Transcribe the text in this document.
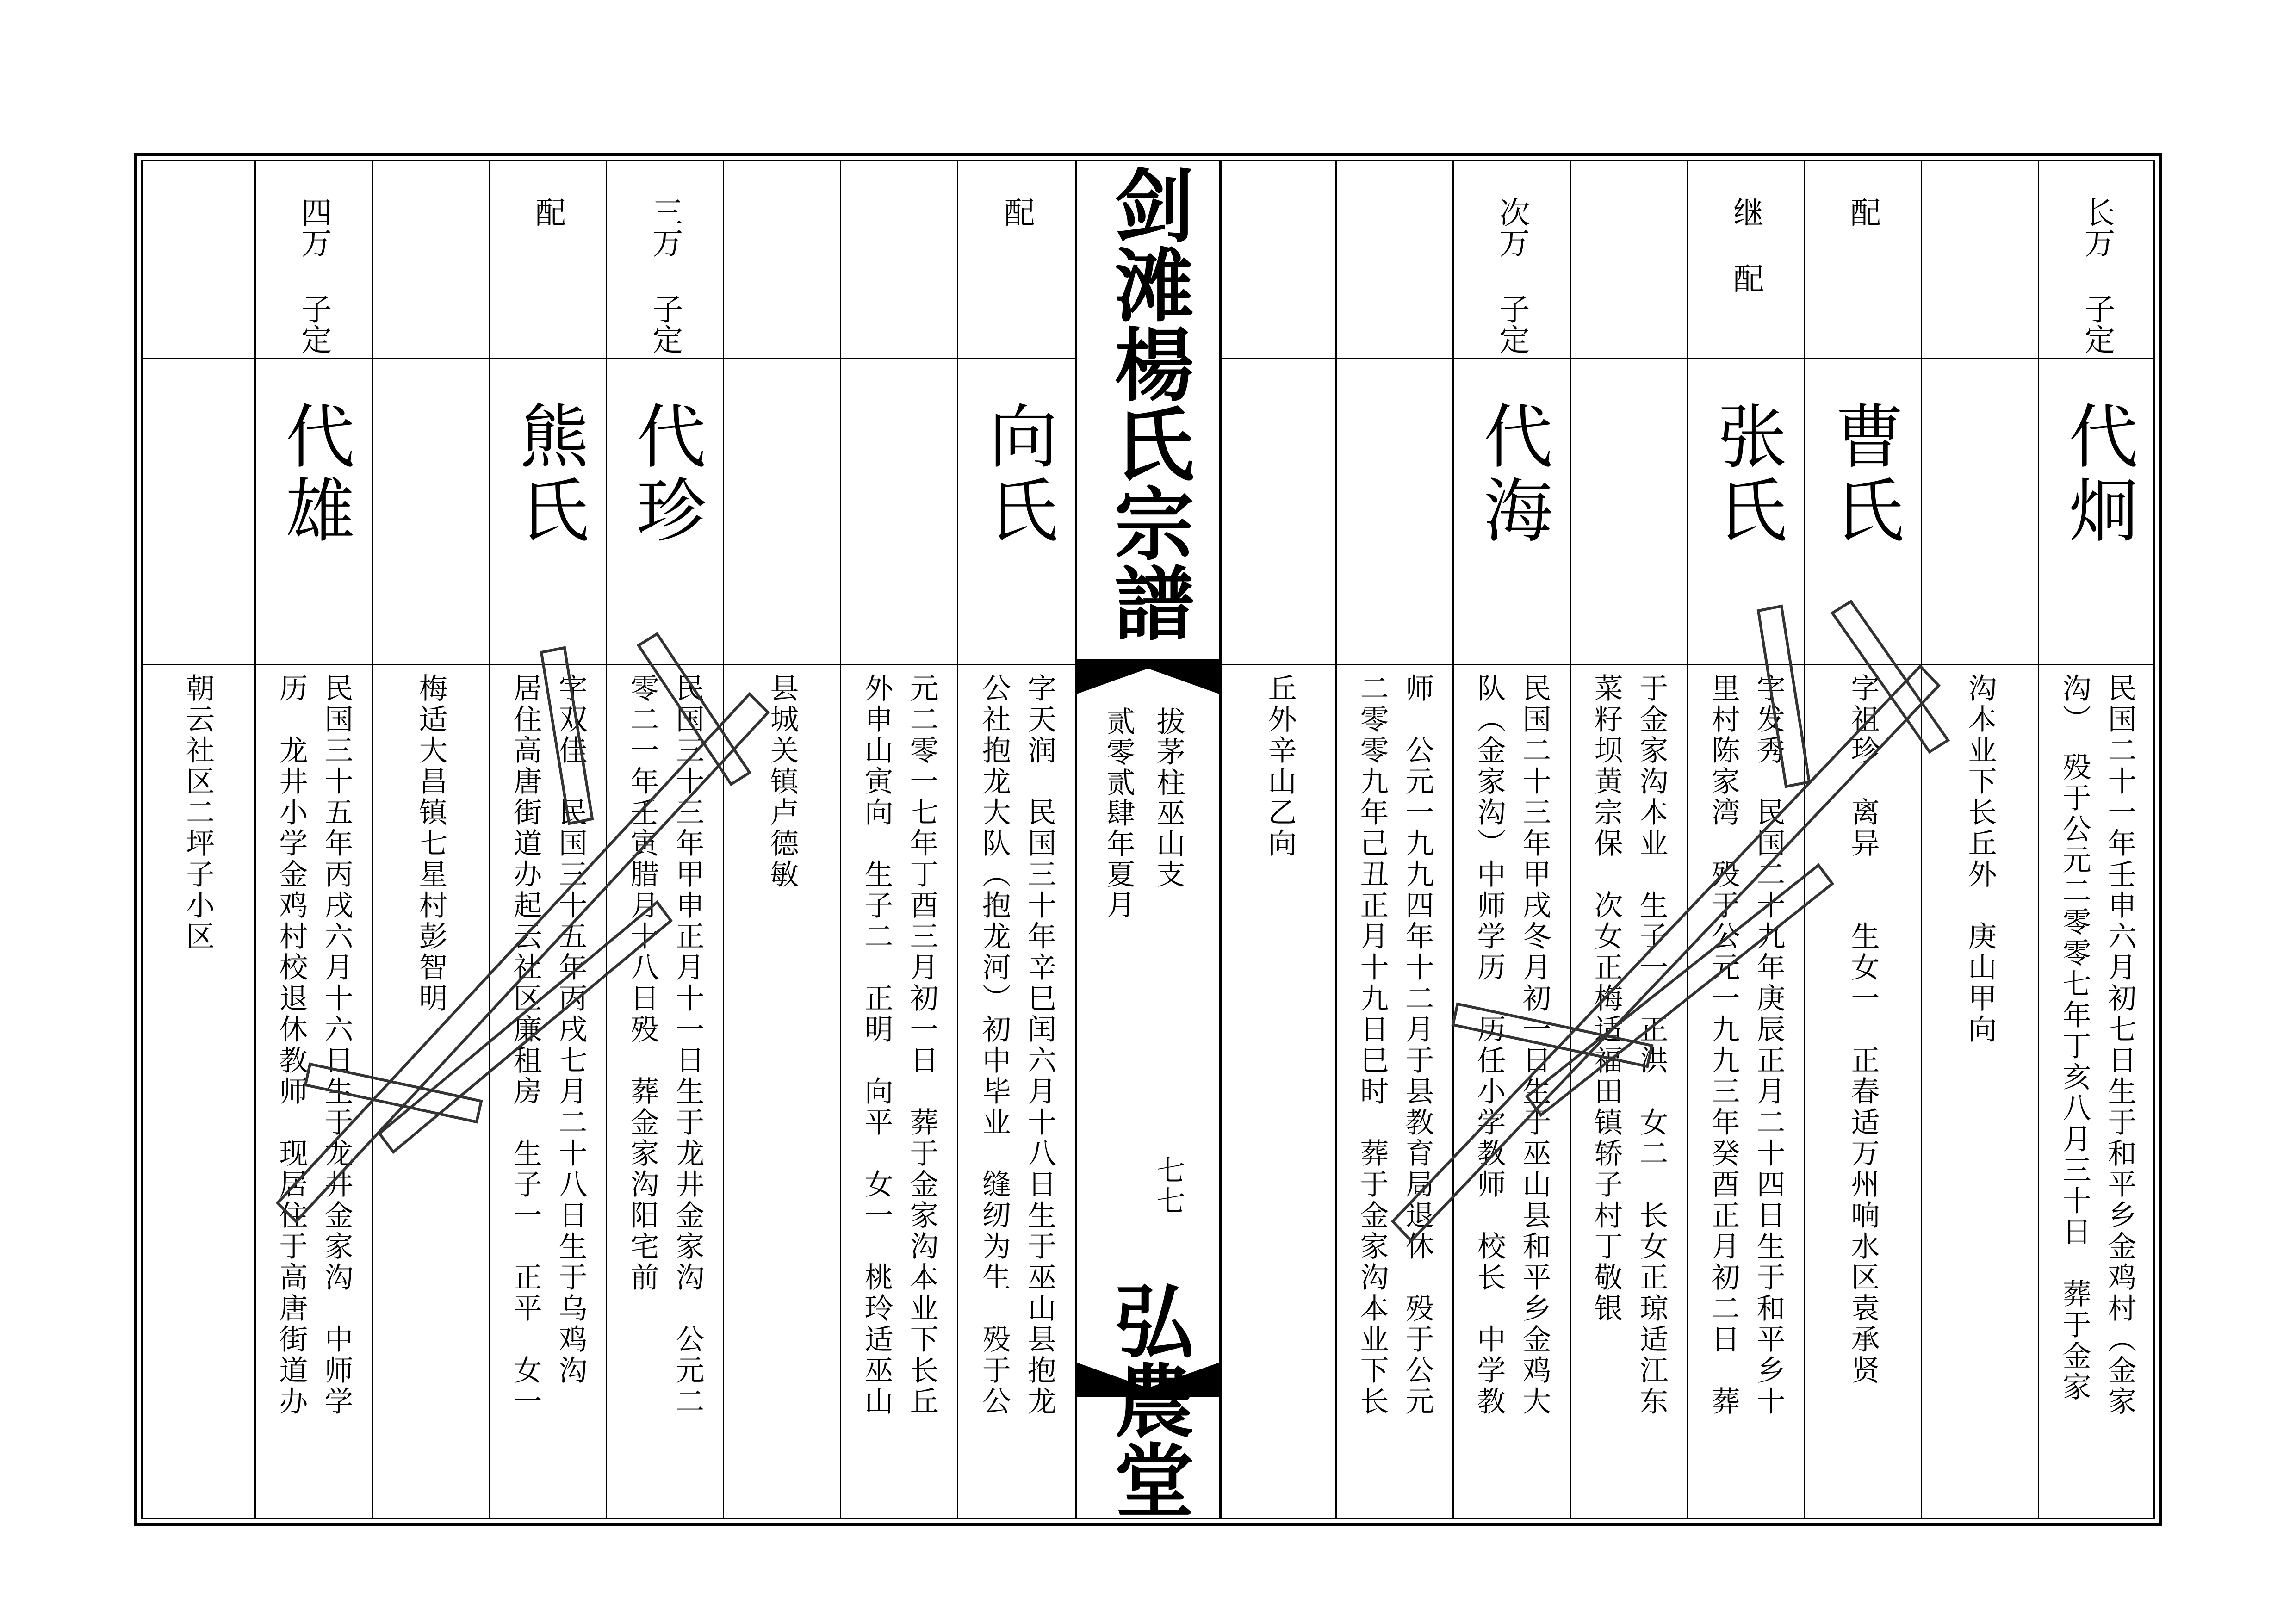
长万 子定
代炯
民国二十一年壬申六月初七日生于和平乡金鸡村（金家
沟）　殁于公元二零零七年丁亥八月三十日　葬于金家
沟本业下长丘外　庚山甲向
配
曹氏
字祖珍　离异　　生女一　正春适万州响水区袁承贤
继 配
张氏
字发秀　民国二十九年庚辰正月二十四日生于和平乡十
里村陈家湾　殁于公元一九九三年癸酉正月初二日　葬
于金家沟本业　生子一　正洪　女二　长女正琼适江东
菜籽坝黄宗保　次女正梅适福田镇轿子村丁敬银
次万 子定
代海
民国二十三年甲戌冬月初一日生于巫山县和平乡金鸡大
队（金家沟）中师学历　历任小学教师　校长　中学教
师　公元一九九四年十二月于县教育局退休　殁于公元
二零零九年己丑正月十九日巳时　葬于金家沟本业下长
丘外辛山乙向
剑滩楊氏宗譜
拔茅柱巫山支
贰零贰肆年夏月
七七
弘農堂
配
向氏
字天润　民国三十年辛巳闰六月十八日生于巫山县抱龙
公社抱龙大队（抱龙河）初中毕业　缝纫为生　殁于公
元二零一七年丁酉三月初一日　葬于金家沟本业下长丘
外申山寅向　生子二　正明　向平　女一　桃玲适巫山
县城关镇卢德敏
三万 子定
代珍
民国三十三年甲申正月十一日生于龙井金家沟　公元二
零二一年壬寅腊月十八日殁　葬金家沟阳宅前
配
熊氏
字双佳　民国三十五年丙戌七月二十八日生于乌鸡沟
居住高唐街道办起云社区廉租房　生子一　正平　女一
梅适大昌镇七星村彭智明
四万 子定
代雄
民国三十五年丙戌六月十六日生于龙井金家沟　中师学
历　龙井小学金鸡村校退休教师　现居住于高唐街道办
朝云社区二坪子小区
